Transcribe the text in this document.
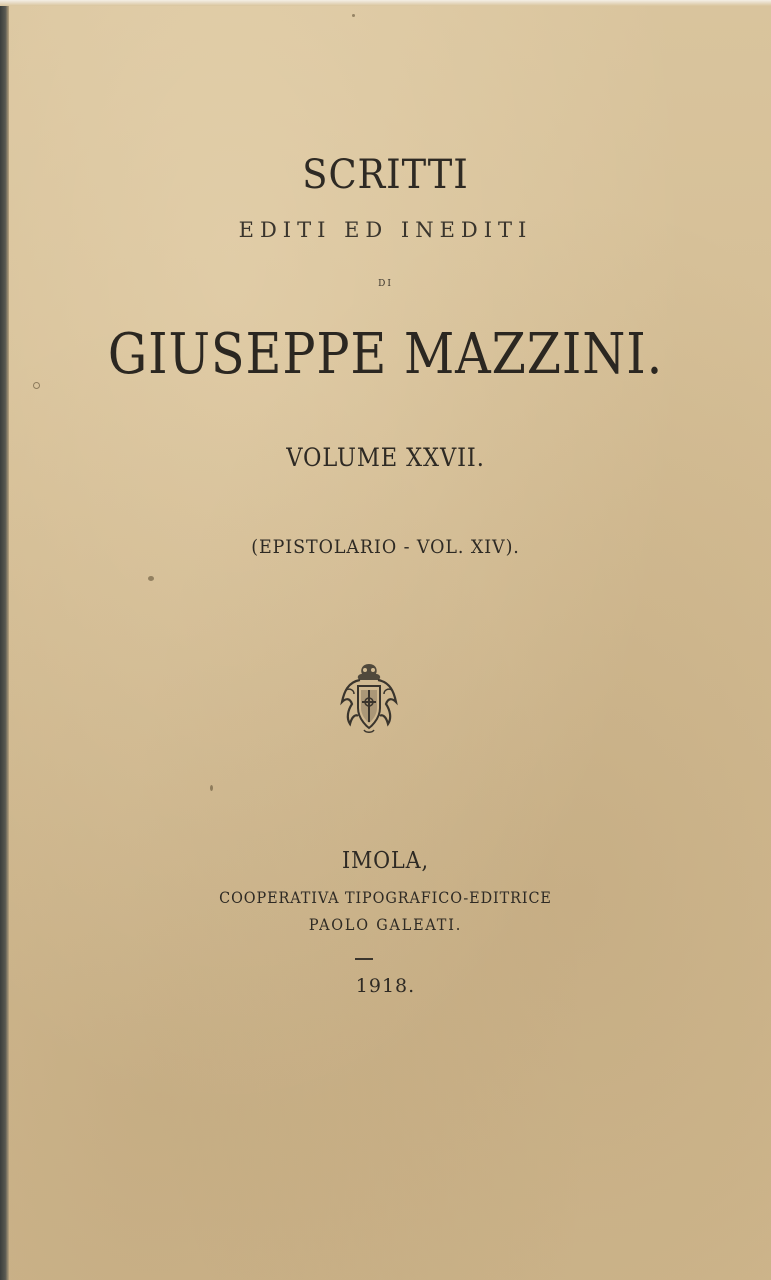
SCRITTI
EDITI ED INEDITI
DI
GIUSEPPE MAZZINI.
VOLUME XXVII.
(EPISTOLARIO - VOL. XIV).
IMOLA,
COOPERATIVA TIPOGRAFICO-EDITRICE
PAOLO GALEATI.
1918.
